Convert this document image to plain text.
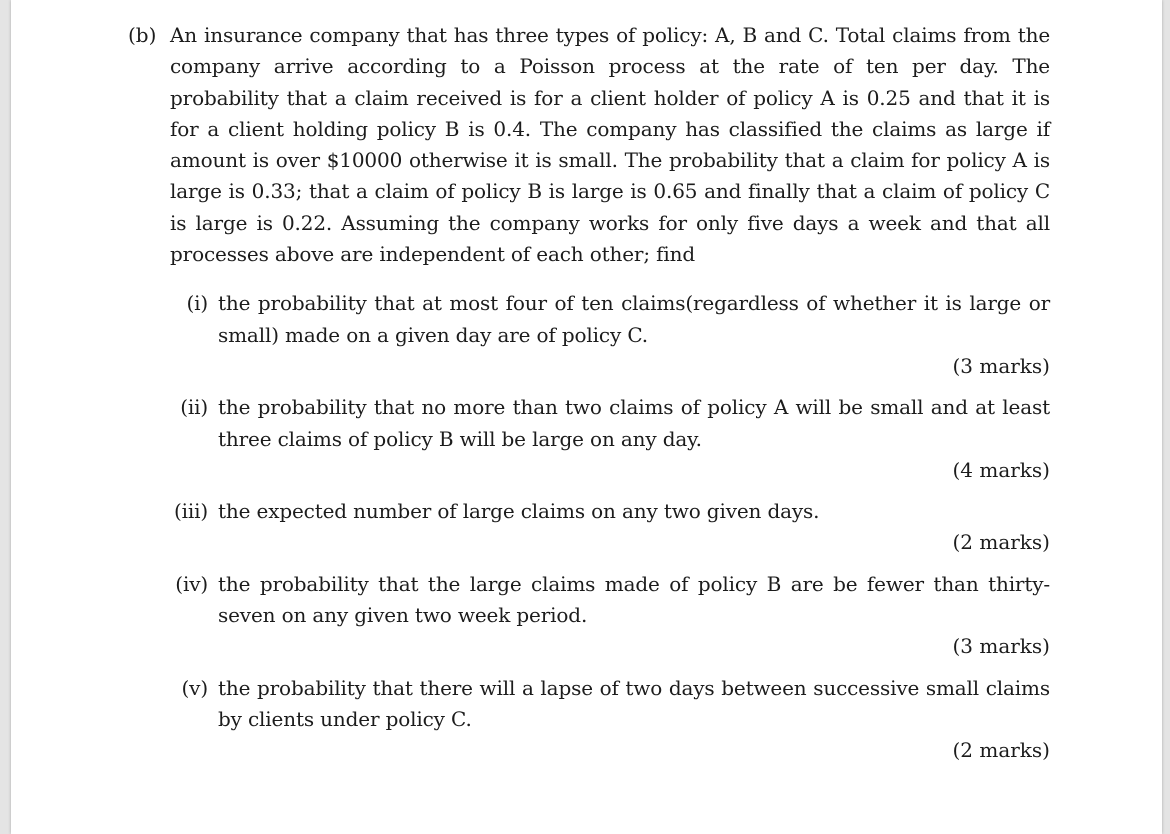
(b) An insurance company that has three types of policy: A, B and C. Total claims from the company arrive according to a Poisson process at the rate of ten per day. The probability that a claim received is for a client holder of policy A is 0.25 and that it is for a client holding policy B is 0.4. The company has classified the claims as large if amount is over $10000 otherwise it is small. The probability that a claim for policy A is large is 0.33; that a claim of policy B is large is 0.65 and finally that a claim of policy C is large is 0.22. Assuming the company works for only five days a week and that all processes above are independent of each other; find
(i) the probability that at most four of ten claims(regardless of whether it is large or small) made on a given day are of policy C.
(3 marks)
(ii) the probability that no more than two claims of policy A will be small and at least three claims of policy B will be large on any day.
(4 marks)
(iii) the expected number of large claims on any two given days.
(2 marks)
(iv) the probability that the large claims made of policy B are be fewer than thirty-seven on any given two week period.
(3 marks)
(v) the probability that there will a lapse of two days between successive small claims by clients under policy C.
(2 marks)
